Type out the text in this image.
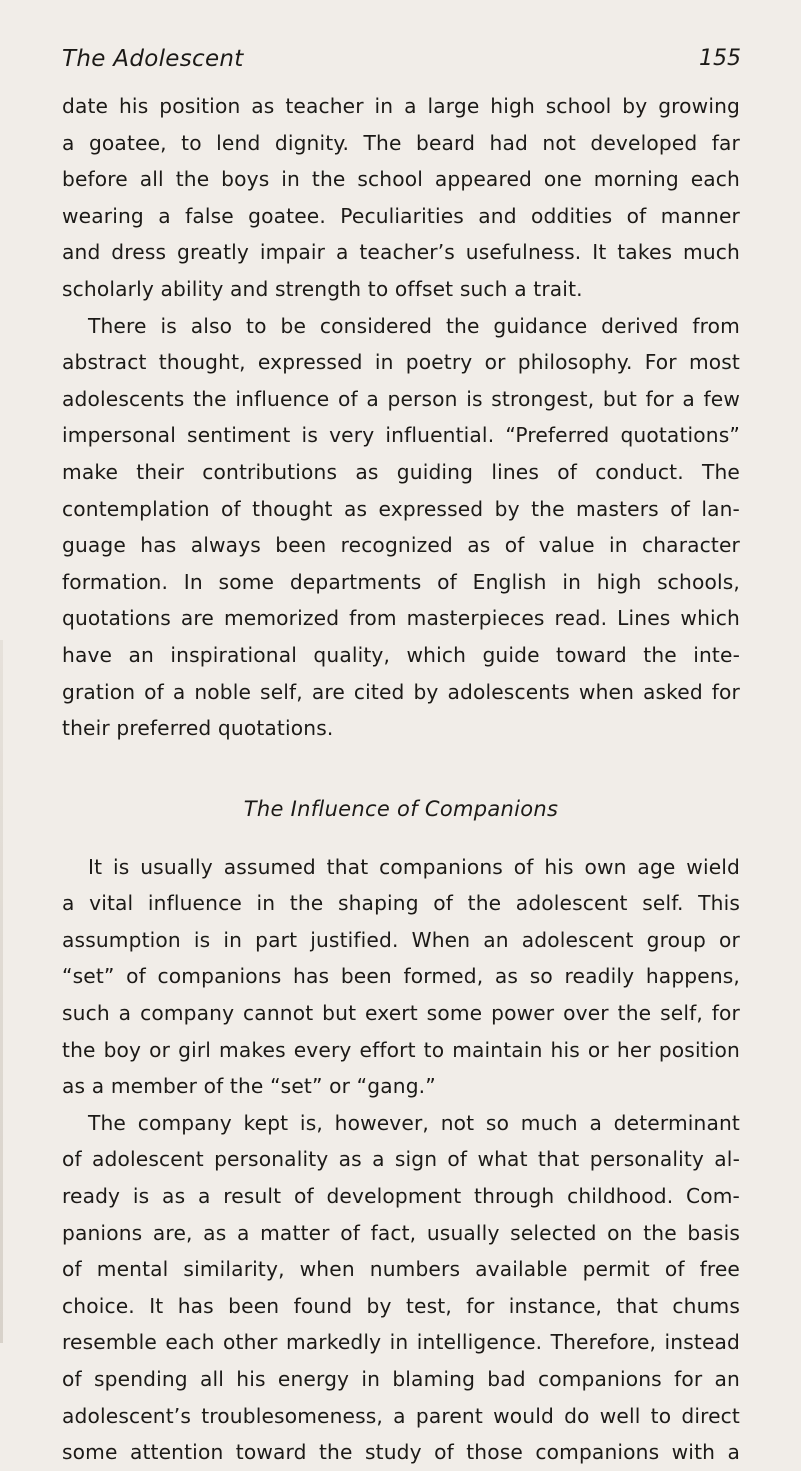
The Adolescent	155
date his position as teacher in a large high school by growing
a goatee, to lend dignity. The beard had not developed far
before all the boys in the school appeared one morning each
wearing a false goatee. Peculiarities and oddities of manner
and dress greatly impair a teacher’s usefulness. It takes much
scholarly ability and strength to offset such a trait.
There is also to be considered the guidance derived from
abstract thought, expressed in poetry or philosophy. For most
adolescents the influence of a person is strongest, but for a few
impersonal sentiment is very influential. “Preferred quotations”
make their contributions as guiding lines of conduct. The
contemplation of thought as expressed by the masters of lan-
guage has always been recognized as of value in character
formation. In some departments of English in high schools,
quotations are memorized from masterpieces read. Lines which
have an inspirational quality, which guide toward the inte-
gration of a noble self, are cited by adolescents when asked for
their preferred quotations.
The Influence of Companions
It is usually assumed that companions of his own age wield
a vital influence in the shaping of the adolescent self. This
assumption is in part justified. When an adolescent group or
“set” of companions has been formed, as so readily happens,
such a company cannot but exert some power over the self, for
the boy or girl makes every effort to maintain his or her position
as a member of the “set” or “gang.”
The company kept is, however, not so much a determinant
of adolescent personality as a sign of what that personality al-
ready is as a result of development through childhood. Com-
panions are, as a matter of fact, usually selected on the basis
of mental similarity, when numbers available permit of free
choice. It has been found by test, for instance, that chums
resemble each other markedly in intelligence. Therefore, instead
of spending all his energy in blaming bad companions for an
adolescent’s troublesomeness, a parent would do well to direct
some attention toward the study of those companions with a
